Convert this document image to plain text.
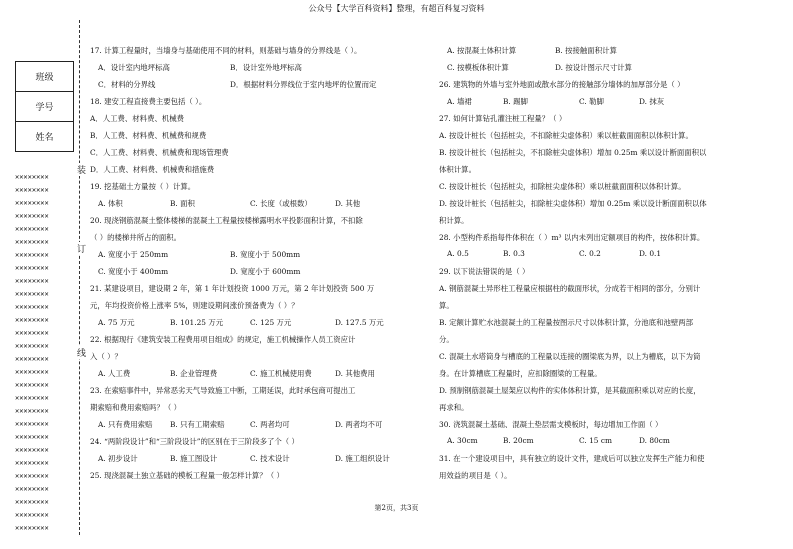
公众号【大学百科资料】整理，有超百科复习资料
班级
学号
姓名
✕✕✕✕✕✕✕✕
✕✕✕✕✕✕✕✕
✕✕✕✕✕✕✕✕
✕✕✕✕✕✕✕✕
✕✕✕✕✕✕✕✕
✕✕✕✕✕✕✕✕
✕✕✕✕✕✕✕✕
✕✕✕✕✕✕✕✕
✕✕✕✕✕✕✕✕
✕✕✕✕✕✕✕✕
✕✕✕✕✕✕✕✕
✕✕✕✕✕✕✕✕
✕✕✕✕✕✕✕✕
✕✕✕✕✕✕✕✕
✕✕✕✕✕✕✕✕
✕✕✕✕✕✕✕✕
✕✕✕✕✕✕✕✕
✕✕✕✕✕✕✕✕
✕✕✕✕✕✕✕✕
✕✕✕✕✕✕✕✕
✕✕✕✕✕✕✕✕
✕✕✕✕✕✕✕✕
✕✕✕✕✕✕✕✕
✕✕✕✕✕✕✕✕
✕✕✕✕✕✕✕✕
✕✕✕✕✕✕✕✕
✕✕✕✕✕✕✕✕
✕✕✕✕✕✕✕✕

装
订
线
17. 计算工程量时，当墙身与基础使用不同的材料，则基础与墙身的分界线是（ ）。
A．设计室内地坪标高	B．设计室外地坪标高
C．材料的分界线	D．根据材料分界线位于室内地坪的位置而定
18. 建安工程直接费主要包括（ ）。
A．人工费、材料费、机械费
B．人工费、材料费、机械费和规费
C．人工费、材料费、机械费和现场管理费
D．人工费、材料费、机械费和措施费
19. 挖基础土方量按（ ）计算。
A. 体积	B. 面积	C. 长度（或根数）	D. 其他
20. 现浇钢筋混凝土整体楼梯的混凝土工程量按楼梯露明水平投影面积计算，不扣除
（ ）的楼梯井所占的面积。
A. 宽度小于 250mm	B. 宽度小于 500mm
C. 宽度小于 400mm	D. 宽度小于 600mm
21. 某建设项目，建设期 2 年，第 1 年计划投资 1000 万元，第 2 年计划投资 500 万
元，年均投资价格上涨率 5%，则建设期间涨价预备费为（ ）？
A. 75 万元	B. 101.25 万元	C. 125 万元	D. 127.5 万元
22. 根据现行《建筑安装工程费用项目组成》的规定，施工机械操作人员工资应计
入（ ）？
A. 人工费	B. 企业管理费	C. 施工机械使用费	D. 其他费用
23. 在索赔事件中，异常恶劣天气导致施工中断，工期延误，此时承包商可提出工
期索赔和费用索赔吗？（ ）
A. 只有费用索赔 B. 只有工期索赔	C. 两者均可	D. 两者均不可
24. “两阶段设计”和“三阶段设计”的区别在于三阶段多了个（ ）
A. 初步设计	B. 施工图设计	C. 技术设计	D. 施工组织设计
25. 现浇混凝土独立基础的模板工程量一般怎样计算？（ ）
A. 按混凝土体积计算	B. 按接触面积计算
C. 按模板体积计算	D. 按设计图示尺寸计算
26. 建筑物的外墙与室外地面或散水部分的接触部分墙体的加厚部分是（ ）
A. 墙裙	B. 踢脚	C. 勒脚	D. 抹灰
27. 如何计算钻孔灌注桩工程量？（ ）
A. 按设计桩长（包括桩尖，不扣除桩尖虚体积）乘以桩截面面积以体积计算。
B. 按设计桩长（包括桩尖，不扣除桩尖虚体积）增加 0.25m 乘以设计断面面积以
体积计算。
C. 按设计桩长（包括桩尖，扣除桩尖虚体积）乘以桩截面面积以体积计算。
D. 按设计桩长（包括桩尖，扣除桩尖虚体积）增加 0.25m 乘以设计断面面积以体
积计算。
28. 小型构件系指每件体积在（ ）m³ 以内未列出定额项目的构件，按体积计算。
A. 0.5	B. 0.3	C. 0.2	D. 0.1
29. 以下说法错误的是（ ）
A. 钢筋混凝土异形柱工程量应根据柱的截面形状，分成若干相同的部分，分别计
算。
B. 定额计算贮水池混凝土的工程量按图示尺寸以体积计算，分池底和池壁两部
分。
C. 混凝土水塔筒身与槽底的工程量以连接的圈梁底为界，以上为槽底，以下为筒
身。在计算槽底工程量时，应扣除圈梁的工程量。
D. 预制钢筋混凝土屋架应以构件的实体体积计算，是其截面积乘以对应的长度，
再求和。
30. 浇筑混凝土基础、混凝土垫层需支模板时，每边增加工作面（ ）
A. 30cm	B. 20cm	C. 15 cm	D. 80cm
31. 在一个建设项目中，具有独立的设计文件，建成后可以独立发挥生产能力和使
用效益的项目是（ ）。
第2页，共3页
